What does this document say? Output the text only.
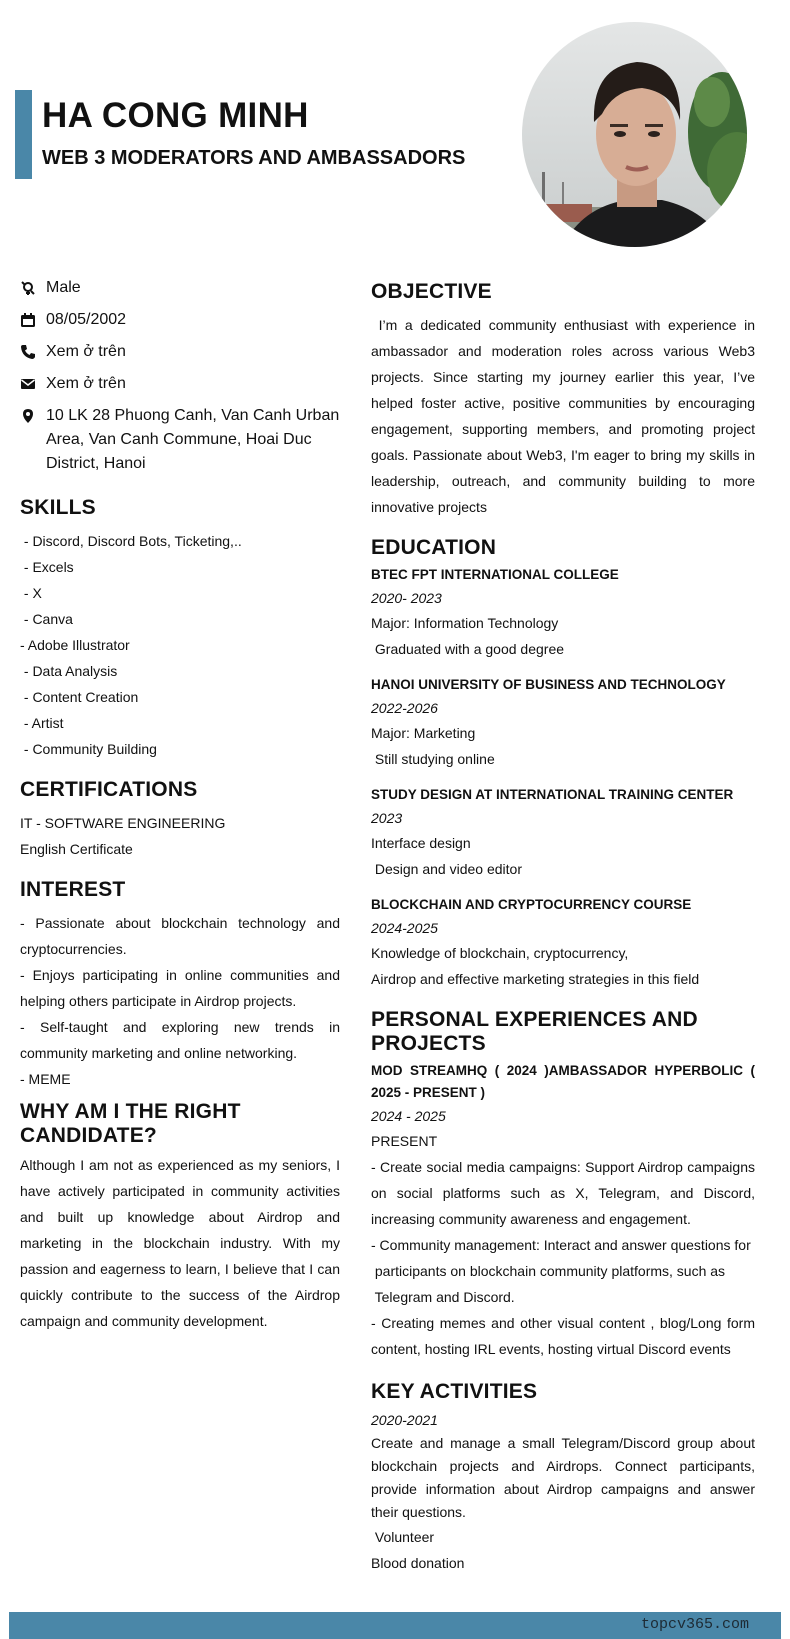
HA CONG MINH
WEB 3 MODERATORS AND AMBASSADORS
Male
08/05/2002
Xem ở trên
Xem ở trên
10 LK 28 Phuong Canh, Van Canh Urban Area, Van Canh Commune, Hoai Duc District, Hanoi
SKILLS
- Discord, Discord Bots, Ticketing,..
- Excels
- X
- Canva
- Adobe Illustrator
- Data Analysis
- Content Creation
- Artist
- Community Building
CERTIFICATIONS
IT - SOFTWARE ENGINEERING
English Certificate
INTEREST
- Passionate about blockchain technology and cryptocurrencies.
- Enjoys participating in online communities and helping others participate in Airdrop projects.
- Self-taught and exploring new trends in community marketing and online networking.
- MEME
WHY AM I THE RIGHT CANDIDATE?
Although I am not as experienced as my seniors, I have actively participated in community activities and built up knowledge about Airdrop and marketing in the blockchain industry. With my passion and eagerness to learn, I believe that I can quickly contribute to the success of the Airdrop campaign and community development.
OBJECTIVE
I’m a dedicated community enthusiast with experience in ambassador and moderation roles across various Web3 projects. Since starting my journey earlier this year, I’ve helped foster active, positive communities by encouraging engagement, supporting members, and promoting project goals. Passionate about Web3, I'm eager to bring my skills in leadership, outreach, and community building to more innovative projects
EDUCATION
BTEC FPT INTERNATIONAL COLLEGE
2020- 2023
Major: Information Technology
Graduated with a good degree
HANOI UNIVERSITY OF BUSINESS AND TECHNOLOGY
2022-2026
Major: Marketing
Still studying online
STUDY DESIGN AT INTERNATIONAL TRAINING CENTER
2023
Interface design
Design and video editor
BLOCKCHAIN AND CRYPTOCURRENCY COURSE
2024-2025
Knowledge of blockchain, cryptocurrency,
Airdrop and effective marketing strategies in this field
PERSONAL EXPERIENCES AND PROJECTS
MOD STREAMHQ ( 2024 )AMBASSADOR HYPERBOLIC ( 2025 - PRESENT )
2024 - 2025
PRESENT
- Create social media campaigns: Support Airdrop campaigns on social platforms such as X, Telegram, and Discord, increasing community awareness and engagement.
- Community management: Interact and answer questions for
participants on blockchain community platforms, such as
Telegram and Discord.
- Creating memes and other visual content , blog/Long form content, hosting IRL events, hosting virtual Discord events
KEY ACTIVITIES
2020-2021
Create and manage a small Telegram/Discord group about blockchain projects and Airdrops. Connect participants, provide information about Airdrop campaigns and answer their questions.
Volunteer
Blood donation
topcv365.com
